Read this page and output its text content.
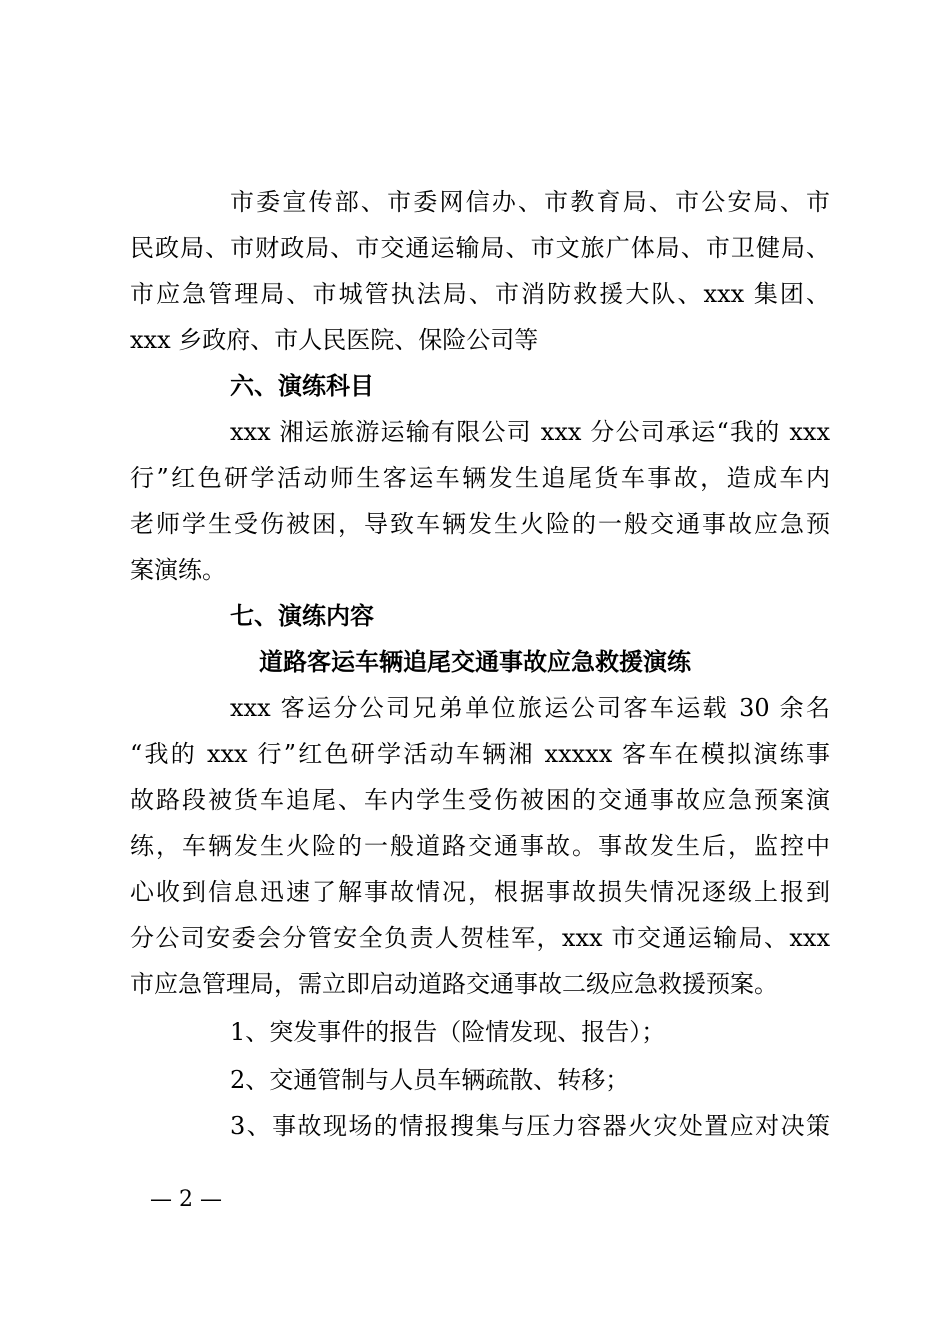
市委宣传部、市委网信办、市教育局、市公安局、市
民政局、市财政局、市交通运输局、市文旅广体局、市卫健局、
市应急管理局、市城管执法局、市消防救援大队、xxx 集团、
xxx 乡政府、市人民医院、保险公司等
六、演练科目
xxx 湘运旅游运输有限公司 xxx 分公司承运“我的 xxx
行”红色研学活动师生客运车辆发生追尾货车事故，造成车内
老师学生受伤被困，导致车辆发生火险的一般交通事故应急预
案演练。
七、演练内容
道路客运车辆追尾交通事故应急救援演练
xxx 客运分公司兄弟单位旅运公司客车运载 30 余名
“我的 xxx 行”红色研学活动车辆湘 xxxxx 客车在模拟演练事
故路段被货车追尾、车内学生受伤被困的交通事故应急预案演
练，车辆发生火险的一般道路交通事故。事故发生后，监控中
心收到信息迅速了解事故情况，根据事故损失情况逐级上报到
分公司安委会分管安全负责人贺桂军，xxx 市交通运输局、xxx
市应急管理局，需立即启动道路交通事故二级应急救援预案。
1、突发事件的报告（险情发现、报告）；
2、交通管制与人员车辆疏散、转移；
3、事故现场的情报搜集与压力容器火灾处置应对决策
— 2 —
